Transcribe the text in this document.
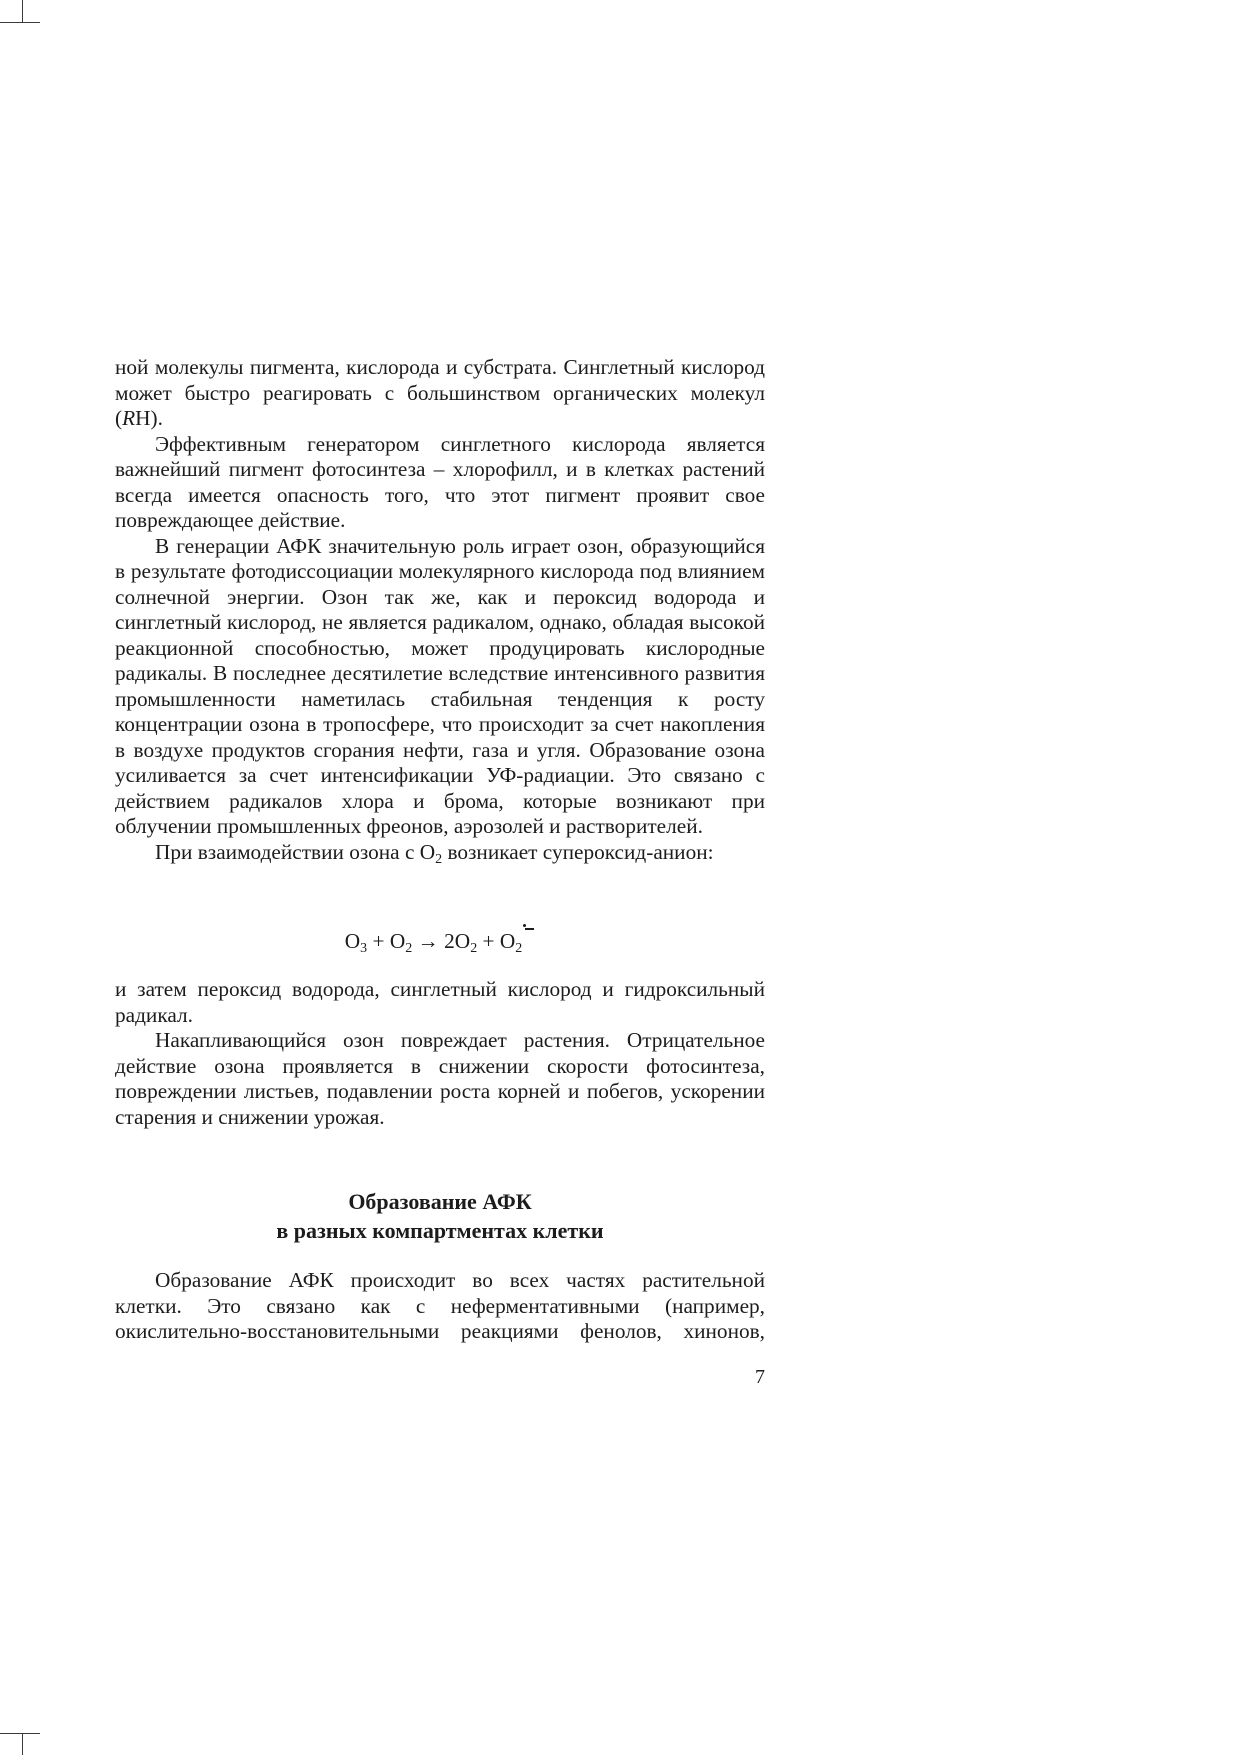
ной молекулы пигмента, кислорода и субстрата. Синглетный кислород может быстро реагировать с большинством органических молекул (RH).

Эффективным генератором синглетного кислорода является важнейший пигмент фотосинтеза – хлорофилл, и в клетках растений всегда имеется опасность того, что этот пигмент проявит свое повреждающее действие.

В генерации АФК значительную роль играет озон, образующийся в результате фотодиссоциации молекулярного кислорода под влиянием солнечной энергии. Озон так же, как и пероксид водорода и синглетный кислород, не является радикалом, однако, обладая высокой реакционной способностью, может продуцировать кислородные радикалы. В последнее десятилетие вследствие интенсивного развития промышленности наметилась стабильная тенденция к росту концентрации озона в тропосфере, что происходит за счет накопления в воздухе продуктов сгорания нефти, газа и угля. Образование озона усиливается за счет интенсификации УФ-радиации. Это связано с действием радикалов хлора и брома, которые возникают при облучении промышленных фреонов, аэрозолей и растворителей.

При взаимодействии озона с $O_2$ возникает супероксид-анион:

$O_3 + O_2 \to 2O_2 + O_2$

и затем пероксид водорода, синглетный кислород и гидроксильный радикал.

Накапливающийся озон повреждает растения. Отрицательное действие озона проявляется в снижении скорости фотосинтеза, повреждении листьев, подавлении роста корней и побегов, ускорении старения и снижении урожая.

Образование АФК
в разных компартментах клетки

Образование АФК происходит во всех частях растительной клетки. Это связано как с неферментативными (например, окислительно-восстановительными реакциями фенолов, хинонов,

7
